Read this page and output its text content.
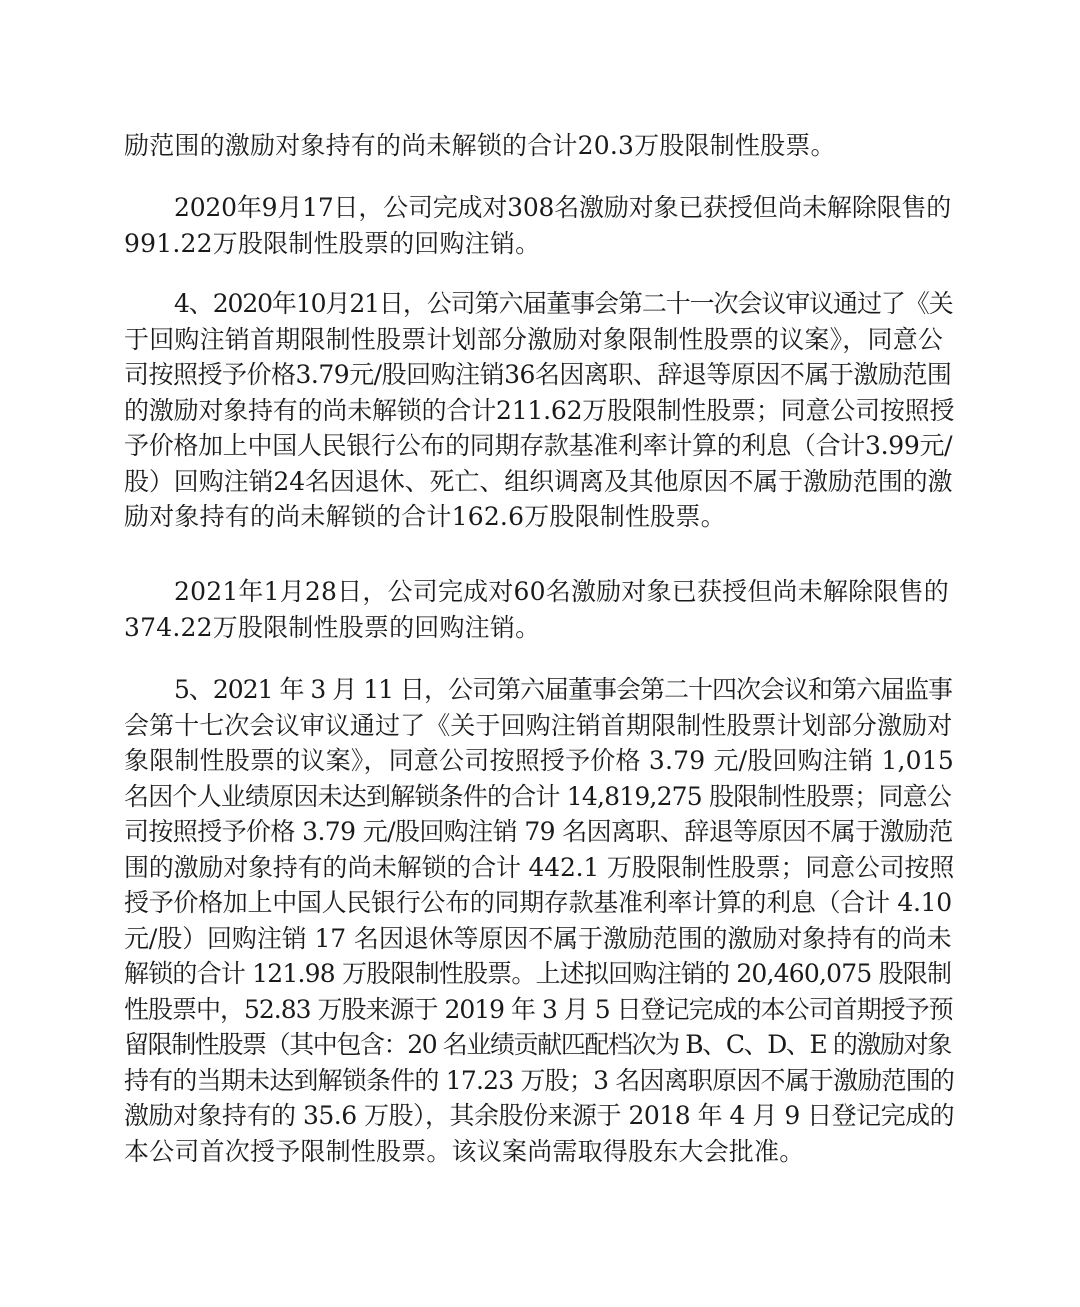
励范围的激励对象持有的尚未解锁的合计20.3万股限制性股票。

2020年9月17日，公司完成对308名激励对象已获授但尚未解除限售的
991.22万股限制性股票的回购注销。

4、2020年10月21日，公司第六届董事会第二十一次会议审议通过了《关
于回购注销首期限制性股票计划部分激励对象限制性股票的议案》，同意公
司按照授予价格3.79元/股回购注销36名因离职、辞退等原因不属于激励范围
的激励对象持有的尚未解锁的合计211.62万股限制性股票；同意公司按照授
予价格加上中国人民银行公布的同期存款基准利率计算的利息（合计3.99元/
股）回购注销24名因退休、死亡、组织调离及其他原因不属于激励范围的激
励对象持有的尚未解锁的合计162.6万股限制性股票。

2021年1月28日，公司完成对60名激励对象已获授但尚未解除限售的
374.22万股限制性股票的回购注销。

5、2021 年 3 月 11 日，公司第六届董事会第二十四次会议和第六届监事
会第十七次会议审议通过了《关于回购注销首期限制性股票计划部分激励对
象限制性股票的议案》，同意公司按照授予价格 3.79 元/股回购注销 1,015
名因个人业绩原因未达到解锁条件的合计 14,819,275 股限制性股票；同意公
司按照授予价格 3.79 元/股回购注销 79 名因离职、辞退等原因不属于激励范
围的激励对象持有的尚未解锁的合计 442.1 万股限制性股票；同意公司按照
授予价格加上中国人民银行公布的同期存款基准利率计算的利息（合计 4.10
元/股）回购注销 17 名因退休等原因不属于激励范围的激励对象持有的尚未
解锁的合计 121.98 万股限制性股票。上述拟回购注销的 20,460,075 股限制
性股票中，52.83 万股来源于 2019 年 3 月 5 日登记完成的本公司首期授予预
留限制性股票（其中包含：20 名业绩贡献匹配档次为 B、C、D、E 的激励对象
持有的当期未达到解锁条件的 17.23 万股；3 名因离职原因不属于激励范围的
激励对象持有的 35.6 万股），其余股份来源于 2018 年 4 月 9 日登记完成的
本公司首次授予限制性股票。该议案尚需取得股东大会批准。
